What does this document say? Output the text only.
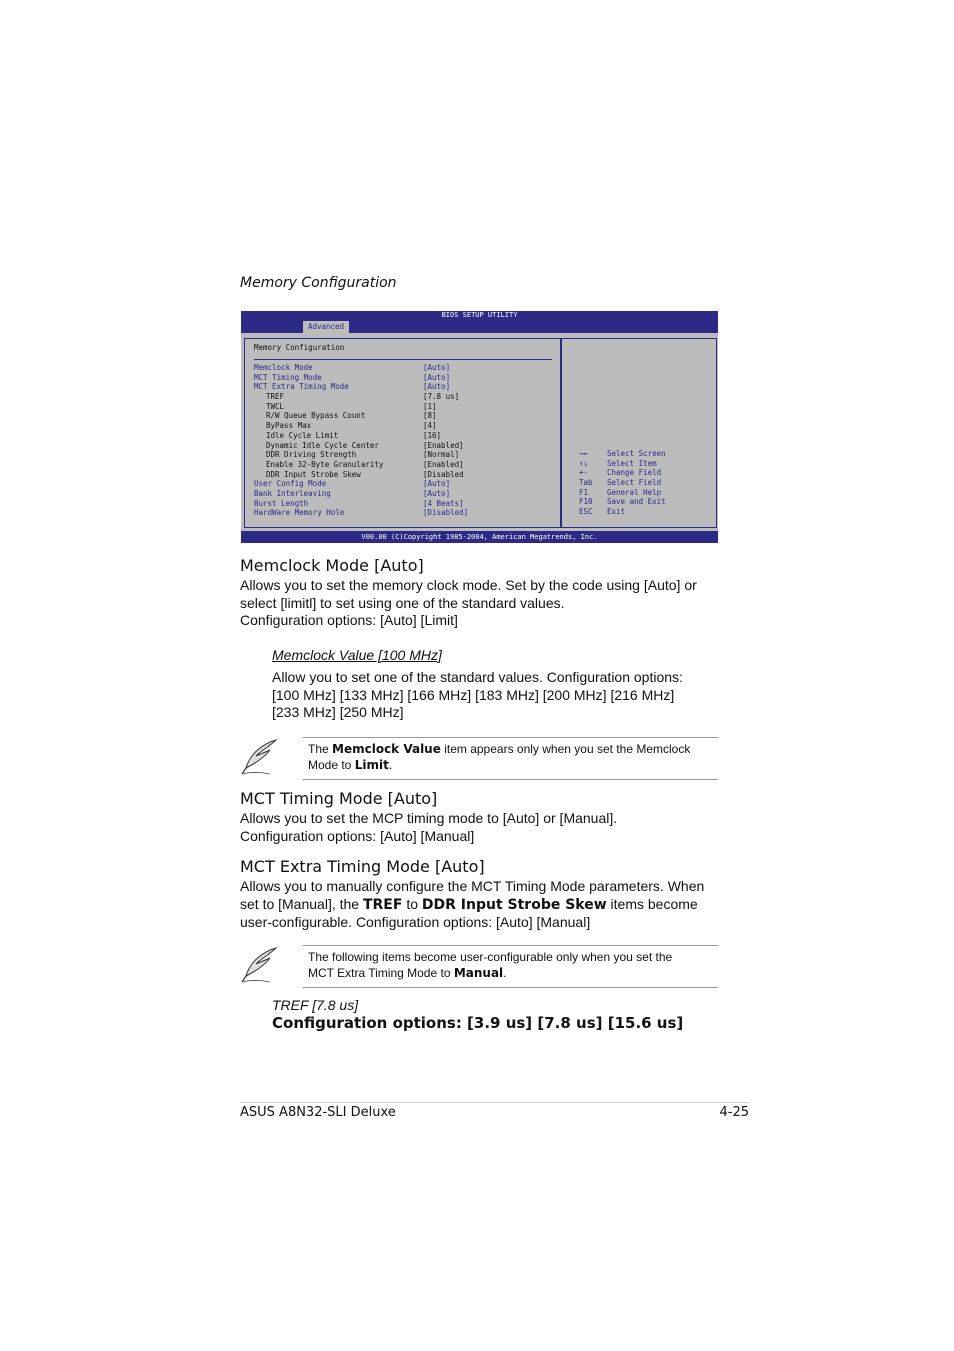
Memory Configuration
BIOS SETUP UTILITY
Advanced
Memory Configuration
Memclock Mode	[Auto]
MCT Timing Mode	[Auto]
MCT Extra Timing Mode	[Auto]
TREF	[7.8 us]
TWCL	[1]
R/W Queue Bypass Count	[8]
ByPass Max	[4]
Idle Cycle Limit	[16]
Dynamic Idle Cycle Center	[Enabled]
DDR Driving Strength	[Normal]
Enable 32-Byte Granularity	[Enabled]
DDR Input Strobe Skew	[Disabled
User Config Mode	[Auto]
Bank Interleaving	[Auto]
Burst Length	[4 Beats]
HardWare Memory Hole	[Disabled]
→←	Select Screen
↑↓	Select Item
+-	Change Field
Tab Select Field
F1	General Help
F10 Save and Exit
ESC Exit
V00.00 (C)Copyright 1985-2004, American Megatrends, Inc.
Memclock Mode [Auto]
Allows you to set the memory clock mode. Set by the code using [Auto] or
select [limitl] to set using one of the standard values.
Configuration options: [Auto] [Limit]
Memclock Value [100 MHz]
Allow you to set one of the standard values. Configuration options:
[100 MHz] [133 MHz] [166 MHz] [183 MHz] [200 MHz] [216 MHz]
[233 MHz] [250 MHz]
The Memclock Value item appears only when you set the Memclock
Mode to Limit.
MCT Timing Mode [Auto]
Allows you to set the MCP timing mode to [Auto] or [Manual].
Configuration options: [Auto] [Manual]
MCT Extra Timing Mode [Auto]
Allows you to manually configure the MCT Timing Mode parameters. When
set to [Manual], the TREF to DDR Input Strobe Skew items become
user-configurable. Configuration options: [Auto] [Manual]
The following items become user-configurable only when you set the
MCT Extra Timing Mode to Manual.
TREF [7.8 us]
Configuration options: [3.9 us] [7.8 us] [15.6 us]
ASUS A8N32-SLI Deluxe	4-25
